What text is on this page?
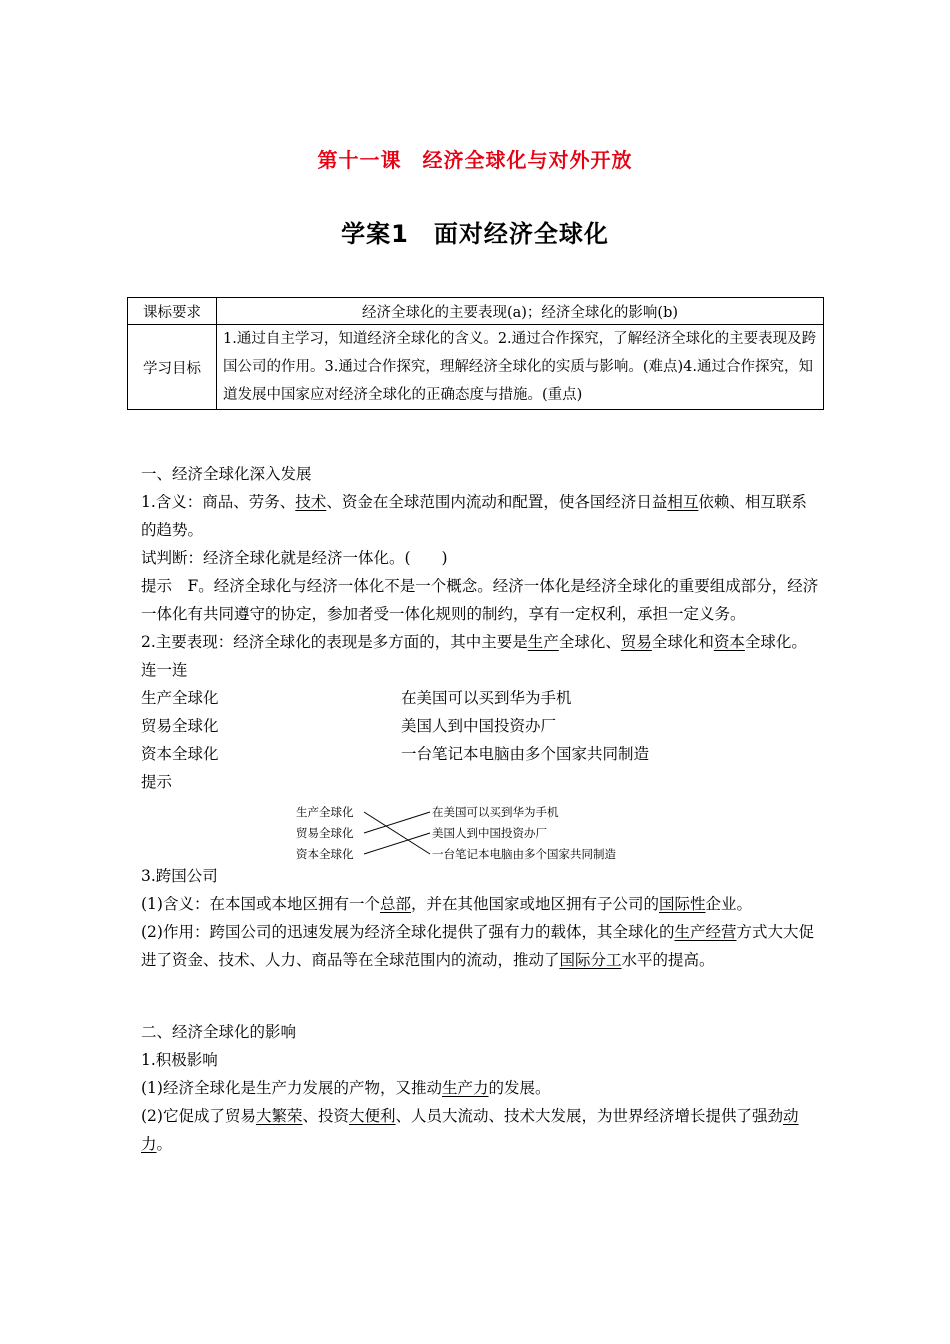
第十一课　经济全球化与对外开放
学案1　面对经济全球化
课标要求	经济全球化的主要表现(a)；经济全球化的影响(b)
学习目标	1.通过自主学习，知道经济全球化的含义。2.通过合作探究，了解经济全球化的主要表现及跨国公司的作用。3.通过合作探究，理解经济全球化的实质与影响。(难点)4.通过合作探究，知道发展中国家应对经济全球化的正确态度与措施。(重点)

一、经济全球化深入发展

1.含义：商品、劳务、技术、资金在全球范围内流动和配置，使各国经济日益相互依赖、相互联系的趋势。

试判断：经济全球化就是经济一体化。(　　)

提示　F。经济全球化与经济一体化不是一个概念。经济一体化是经济全球化的重要组成部分，经济一体化有共同遵守的协定，参加者受一体化规则的制约，享有一定权利，承担一定义务。

2.主要表现：经济全球化的表现是多方面的，其中主要是生产全球化、贸易全球化和资本全球化。

连一连

生产全球化	在美国可以买到华为手机
贸易全球化	美国人到中国投资办厂
资本全球化	一台笔记本电脑由多个国家共同制造

提示

生产全球化
贸易全球化
资本全球化
在美国可以买到华为手机
美国人到中国投资办厂
一台笔记本电脑由多个国家共同制造

3.跨国公司

(1)含义：在本国或本地区拥有一个总部，并在其他国家或地区拥有子公司的国际性企业。

(2)作用：跨国公司的迅速发展为经济全球化提供了强有力的载体，其全球化的生产经营方式大大促进了资金、技术、人力、商品等在全球范围内的流动，推动了国际分工水平的提高。

二、经济全球化的影响

1.积极影响

(1)经济全球化是生产力发展的产物，又推动生产力的发展。

(2)它促成了贸易大繁荣、投资大便利、人员大流动、技术大发展，为世界经济增长提供了强劲动力。
